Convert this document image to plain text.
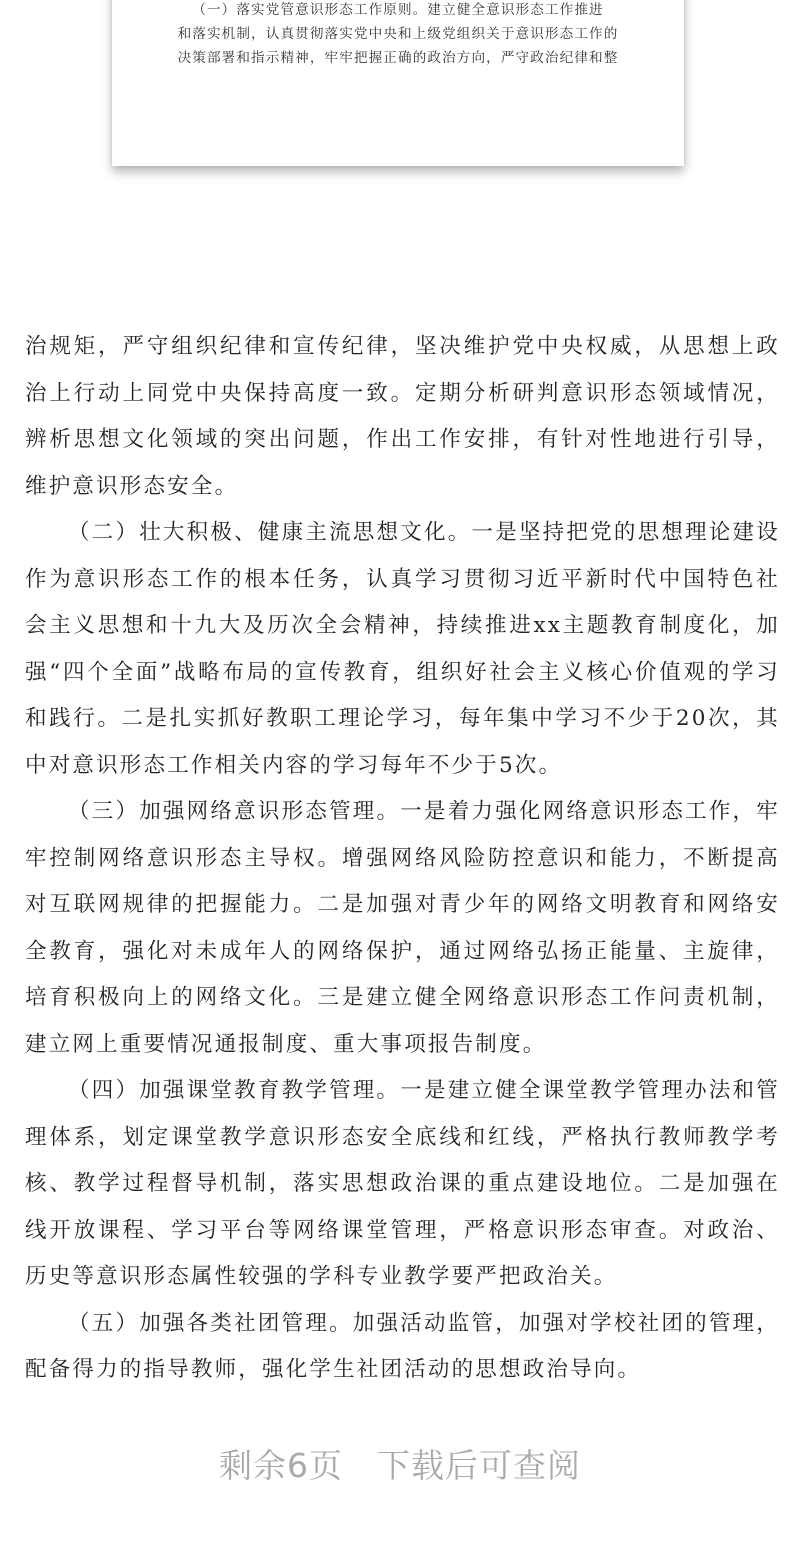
（一）落实党管意识形态工作原则。建立健全意识形态工作推进

和落实机制，认真贯彻落实党中央和上级党组织关于意识形态工作的

决策部署和指示精神，牢牢把握正确的政治方向，严守政治纪律和整

治规矩，严守组织纪律和宣传纪律，坚决维护党中央权威，从思想上政治上行动上同党中央保持高度一致。定期分析研判意识形态领域情况，辨析思想文化领域的突出问题，作出工作安排，有针对性地进行引导，维护意识形态安全。

（二）壮大积极、健康主流思想文化。一是坚持把党的思想理论建设作为意识形态工作的根本任务，认真学习贯彻习近平新时代中国特色社会主义思想和十九大及历次全会精神，持续推进xx主题教育制度化，加强“四个全面”战略布局的宣传教育，组织好社会主义核心价值观的学习和践行。二是扎实抓好教职工理论学习，每年集中学习不少于20次，其中对意识形态工作相关内容的学习每年不少于5次。

（三）加强网络意识形态管理。一是着力强化网络意识形态工作，牢牢控制网络意识形态主导权。增强网络风险防控意识和能力，不断提高对互联网规律的把握能力。二是加强对青少年的网络文明教育和网络安全教育，强化对未成年人的网络保护，通过网络弘扬正能量、主旋律，培育积极向上的网络文化。三是建立健全网络意识形态工作问责机制，建立网上重要情况通报制度、重大事项报告制度。

（四）加强课堂教育教学管理。一是建立健全课堂教学管理办法和管理体系，划定课堂教学意识形态安全底线和红线，严格执行教师教学考核、教学过程督导机制，落实思想政治课的重点建设地位。二是加强在线开放课程、学习平台等网络课堂管理，严格意识形态审查。对政治、历史等意识形态属性较强的学科专业教学要严把政治关。

（五）加强各类社团管理。加强活动监管，加强对学校社团的管理，配备得力的指导教师，强化学生社团活动的思想政治导向。

剩余6页 下载后可查阅
